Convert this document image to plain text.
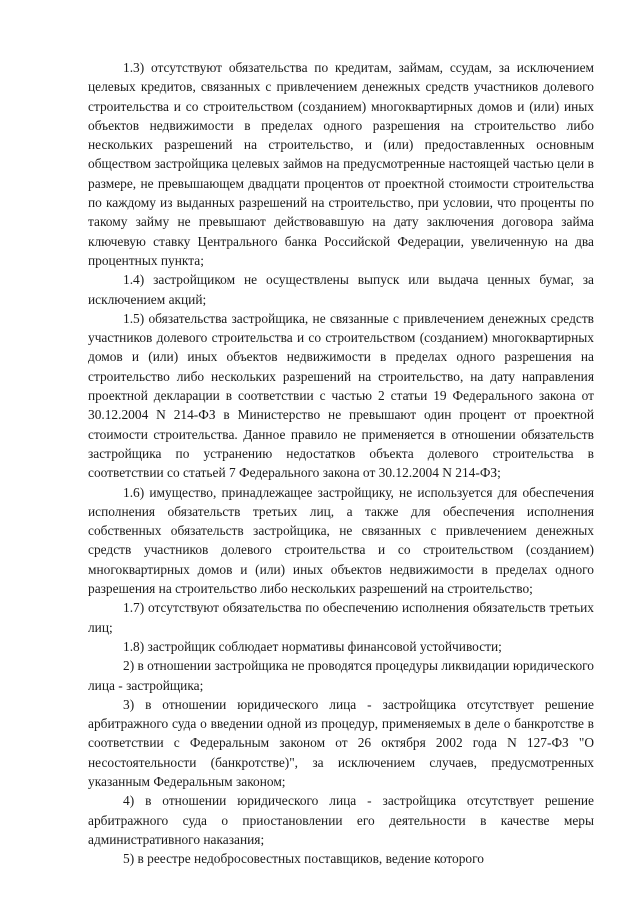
1.3) отсутствуют обязательства по кредитам, займам, ссудам, за исключением целевых кредитов, связанных с привлечением денежных средств участников долевого строительства и со строительством (созданием) многоквартирных домов и (или) иных объектов недвижимости в пределах одного разрешения на строительство либо нескольких разрешений на строительство, и (или) предоставленных основным обществом застройщика целевых займов на предусмотренные настоящей частью цели в размере, не превышающем двадцати процентов от проектной стоимости строительства по каждому из выданных разрешений на строительство, при условии, что проценты по такому займу не превышают действовавшую на дату заключения договора займа ключевую ставку Центрального банка Российской Федерации, увеличенную на два процентных пункта;

1.4) застройщиком не осуществлены выпуск или выдача ценных бумаг, за исключением акций;

1.5) обязательства застройщика, не связанные с привлечением денежных средств участников долевого строительства и со строительством (созданием) многоквартирных домов и (или) иных объектов недвижимости в пределах одного разрешения на строительство либо нескольких разрешений на строительство, на дату направления проектной декларации в соответствии с частью 2 статьи 19 Федерального закона от 30.12.2004 N 214-ФЗ в Министерство не превышают один процент от проектной стоимости строительства. Данное правило не применяется в отношении обязательств застройщика по устранению недостатков объекта долевого строительства в соответствии со статьей 7 Федерального закона от 30.12.2004 N 214-ФЗ;

1.6) имущество, принадлежащее застройщику, не используется для обеспечения исполнения обязательств третьих лиц, а также для обеспечения исполнения собственных обязательств застройщика, не связанных с привлечением денежных средств участников долевого строительства и со строительством (созданием) многоквартирных домов и (или) иных объектов недвижимости в пределах одного разрешения на строительство либо нескольких разрешений на строительство;

1.7) отсутствуют обязательства по обеспечению исполнения обязательств третьих лиц;

1.8) застройщик соблюдает нормативы финансовой устойчивости;

2) в отношении застройщика не проводятся процедуры ликвидации юридического лица - застройщика;

3) в отношении юридического лица - застройщика отсутствует решение арбитражного суда о введении одной из процедур, применяемых в деле о банкротстве в соответствии с Федеральным законом от 26 октября 2002 года N 127-ФЗ "О несостоятельности (банкротстве)", за исключением случаев, предусмотренных указанным Федеральным законом;

4) в отношении юридического лица - застройщика отсутствует решение арбитражного суда о приостановлении его деятельности в качестве меры административного наказания;

5) в реестре недобросовестных поставщиков, ведение которого
